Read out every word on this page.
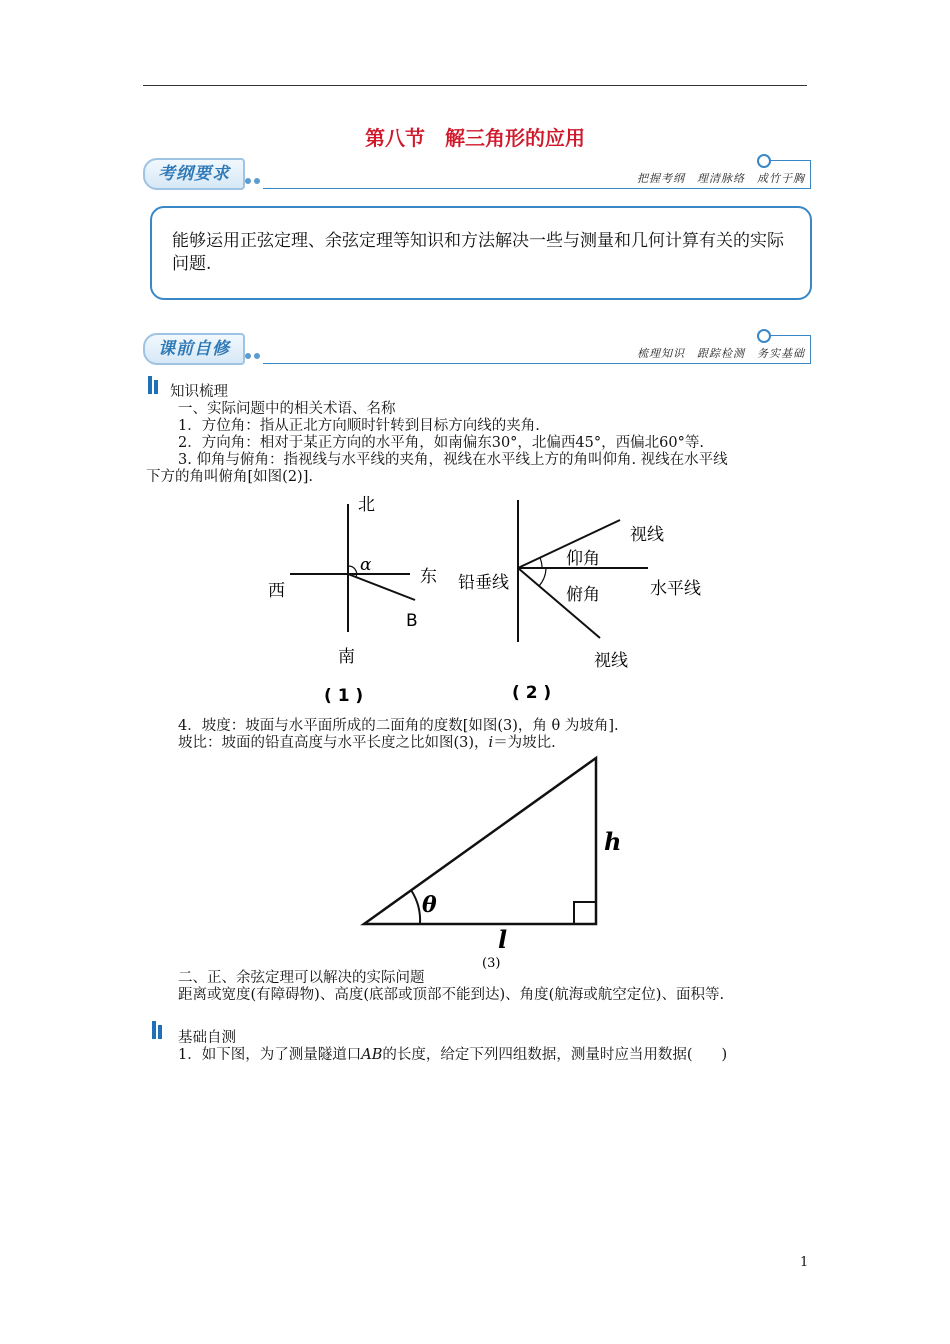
第八节　解三角形的应用
考纲要求	把握考纲　理清脉络　成竹于胸
能够运用正弦定理、余弦定理等知识和方法解决一些与测量和几何计算有关的实际问题.
课前自修	梳理知识　跟踪检测　务实基础
知识梳理
一、实际问题中的相关术语、名称
1．方位角：指从正北方向顺时针转到目标方向线的夹角.
2．方向角：相对于某正方向的水平角，如南偏东30°，北偏西45°，西偏北60°等.
3. 仰角与俯角：指视线与水平线的夹角，视线在水平线上方的角叫仰角. 视线在水平线
下方的角叫俯角[如图(2)].
北
南
东
西
α
B
( 1 )
视线
仰角
铅垂线
俯角	水平线
视线
( 2 )
4．坡度：坡面与水平面所成的二面角的度数[如图(3)，角 θ 为坡角].
坡比：坡面的铅直高度与水平长度之比如图(3)，i＝为坡比.
θ
h
l
(3)
二、正、余弦定理可以解决的实际问题
距离或宽度(有障碍物)、高度(底部或顶部不能到达)、角度(航海或航空定位)、面积等.
基础自测
1．如下图，为了测量隧道口AB的长度，给定下列四组数据，测量时应当用数据(　　)
1
